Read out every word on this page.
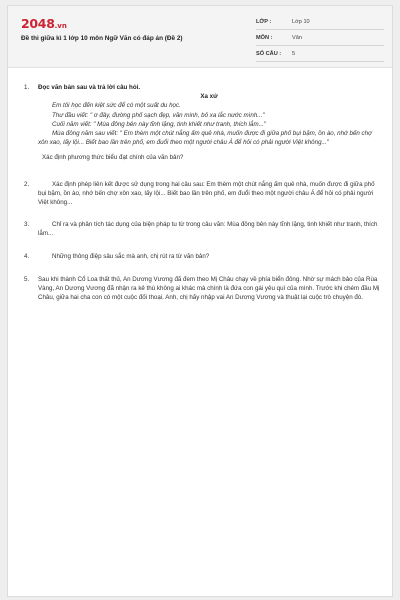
2048.vn
Đề thi giữa kì 1 lớp 10 môn Ngữ Văn có đáp án (Đề 2)
LỚP :	Lớp 10
MÔN :	Văn
SỐ CÂU : 5
1. Đọc văn bản sau và trả lời câu hỏi.
Xa xứ
Em tôi học đến kiệt sức để có một suất du học.
Thư đầu viết: " ơ đây, đường phố sạch đẹp, văn minh, bỏ xa lắc nước mình..."
Cuối năm viết: " Mùa đông bên này tĩnh lặng, tinh khiết như tranh, thích lắm..."
Mùa đông năm sau viết: " Em thèm một chút nắng ấm quê nhà, muốn được đi giữa phố bụi bặm, ồn ào, nhớ bến chợ xôn xao, lấy lội... Biết bao lần trên phố, em đuổi theo một người châu Á để hỏi có phải người Việt không..."
Xác định phương thức biểu đạt chính của văn bản?
2.	Xác định phép liên kết được sử dụng trong hai câu sau: Em thèm một chút nắng ấm quê nhà, muốn được đi giữa phố bụi bặm, ồn ào, nhớ bến chợ xôn xao, lấy lội... Biết bao lần trên phố, em đuổi theo một người châu Á để hỏi có phải người Việt không...
3.	Chỉ ra và phân tích tác dụng của biện pháp tu từ trong câu văn: Mùa đông bên này tĩnh lặng, tinh khiết như tranh, thích lắm...
4.	Những thông điệp sâu sắc mà anh, chị rút ra từ văn bản?
5. Sau khi thành Cổ Loa thất thủ, An Dương Vương đã đem theo Mị Châu chạy về phía biển đông. Nhờ sự mách bảo của Rùa Vàng, An Dương Vương đã nhận ra kẻ thù không ai khác mà chính là đứa con gái yêu quí của mình. Trước khi chém đầu Mị Châu, giữa hai cha con có một cuộc đối thoại. Anh, chị hãy nhập vai An Dương Vương và thuật lại cuộc trò chuyện đó.
